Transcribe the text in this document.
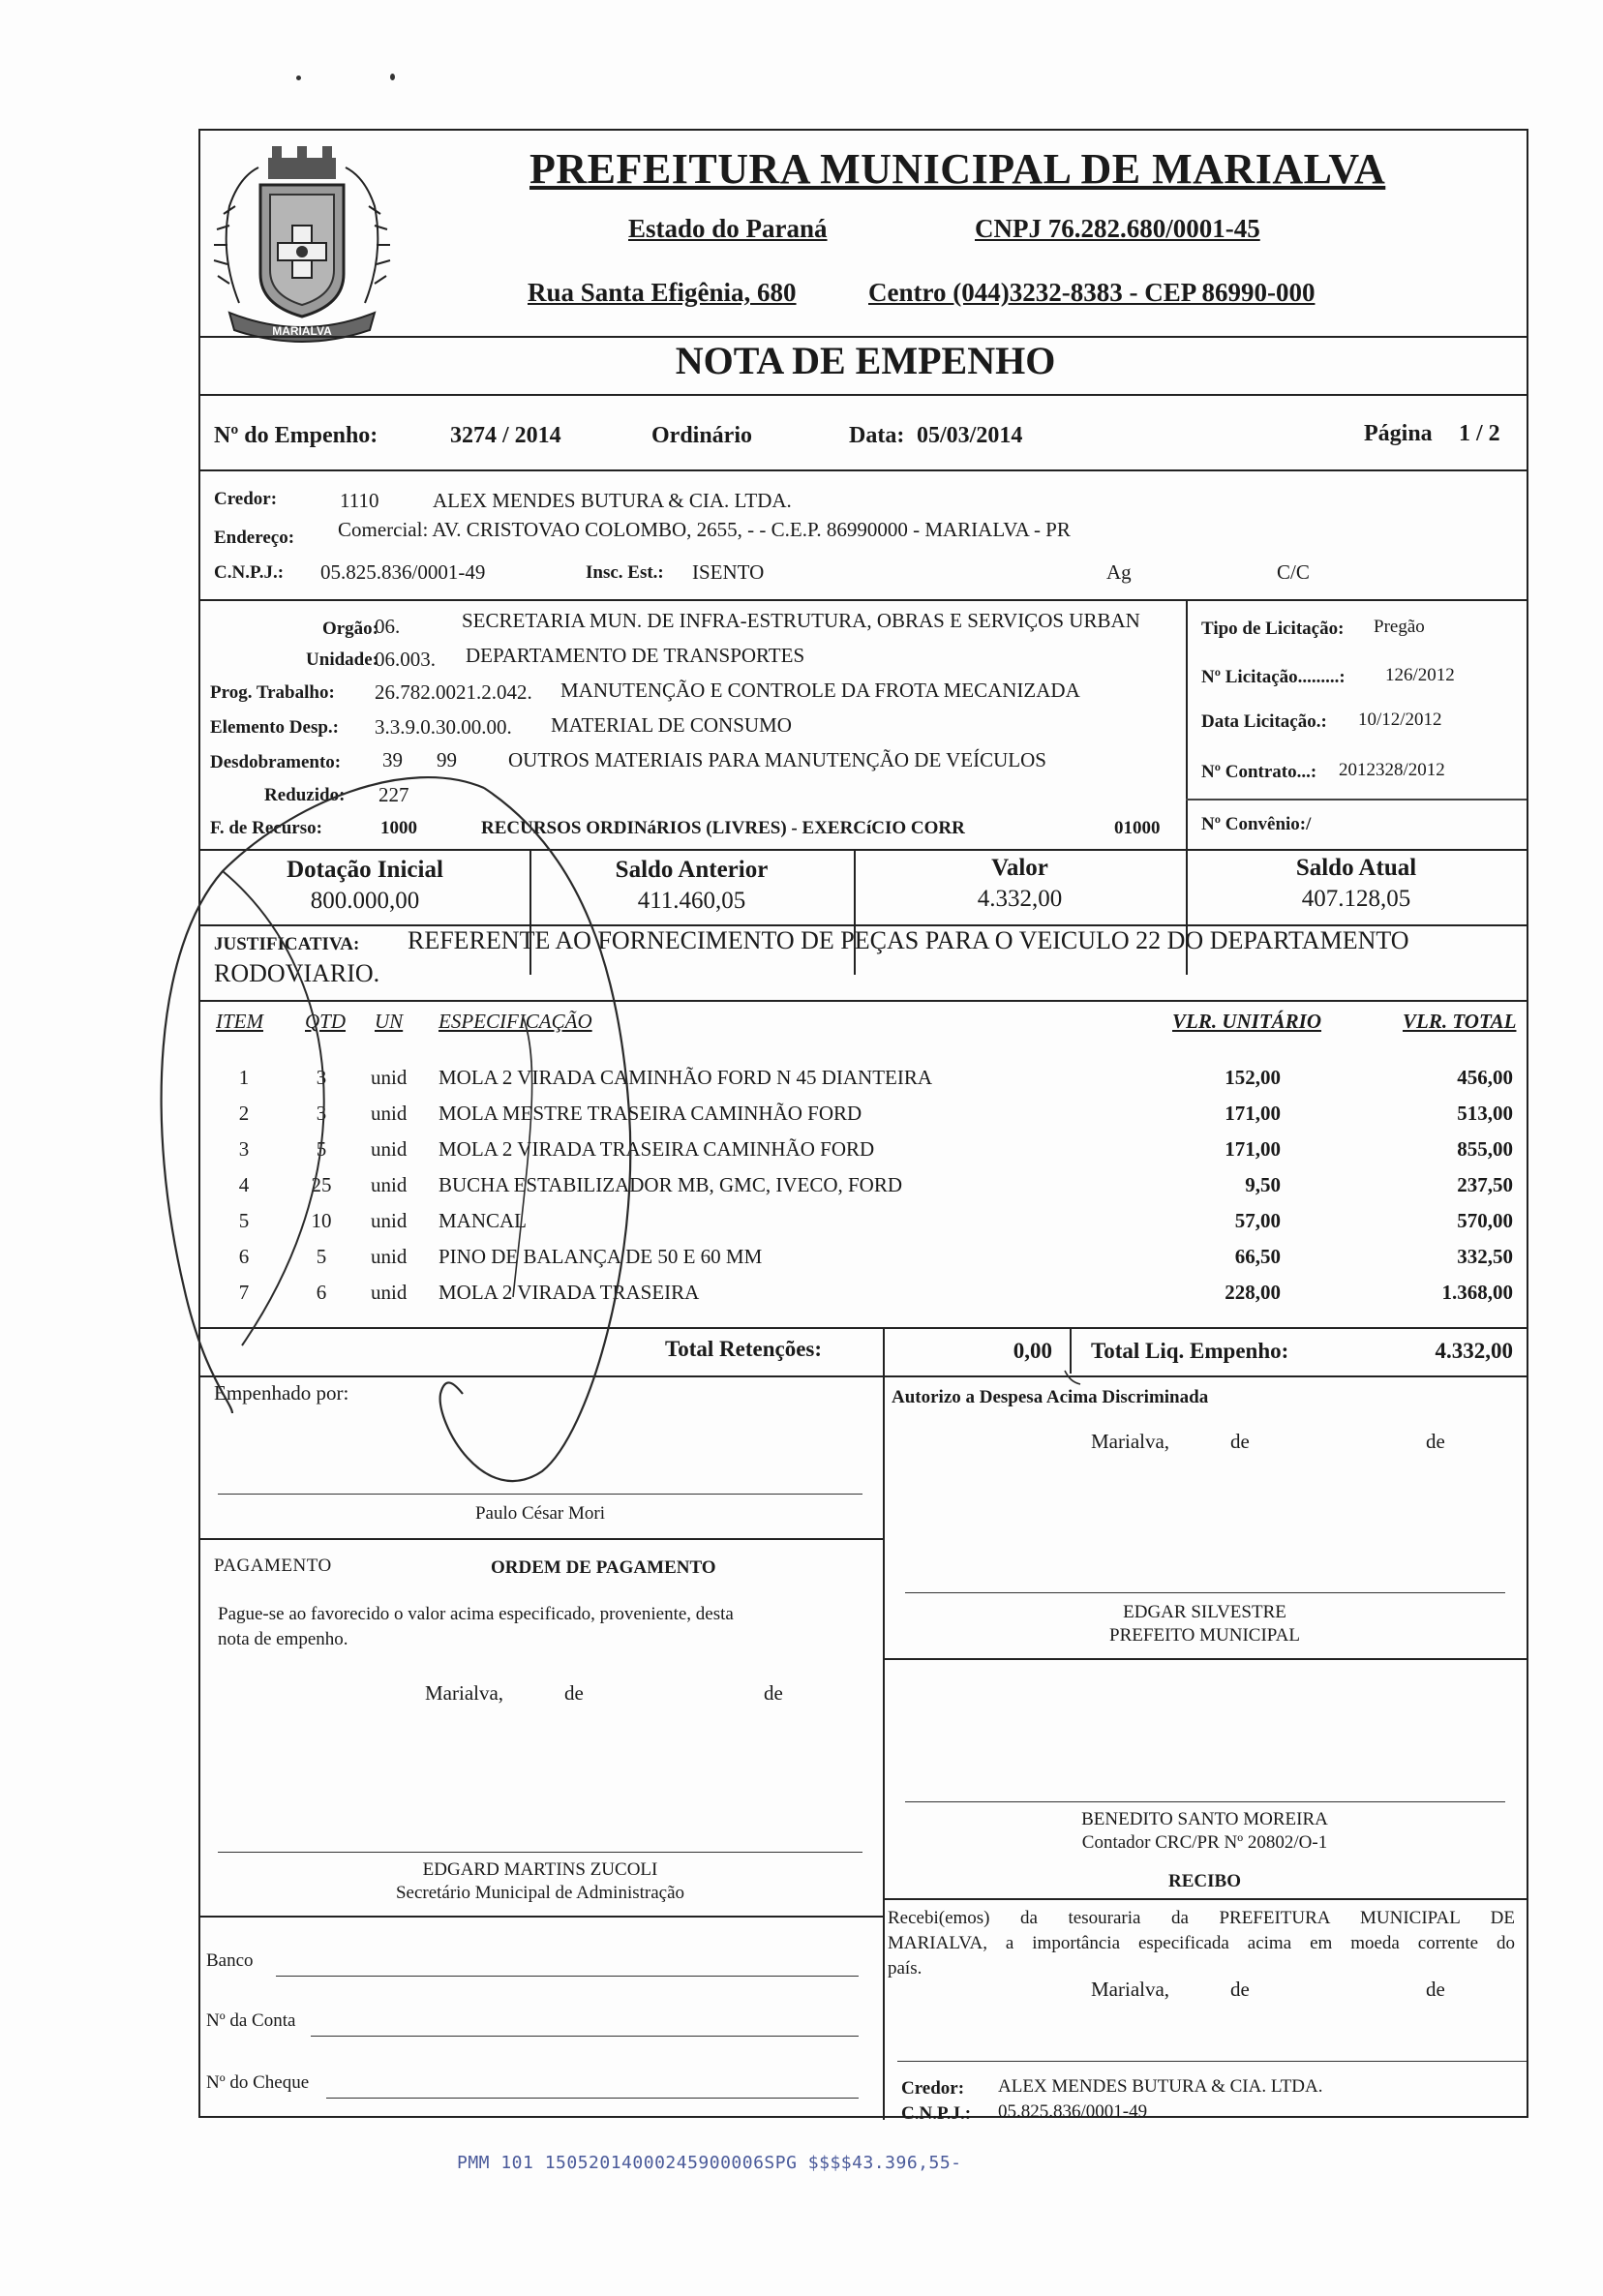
MARIALVA
PREFEITURA MUNICIPAL DE MARIALVA
Estado do Paraná	CNPJ 76.282.680/0001-45
Rua Santa Efigênia, 680	Centro (044)3232-8383 - CEP 86990-000
NOTA DE EMPENHO
Nº do Empenho:	3274 / 2014	Ordinário	Data: 05/03/2014	Página 1 / 2
Credor:	1110	ALEX MENDES BUTURA & CIA. LTDA.
Endereço: Comercial: AV. CRISTOVAO COLOMBO, 2655, - - C.E.P. 86990000 - MARIALVA - PR
C.N.P.J.: 05.825.836/0001-49	Insc. Est.: ISENTO	Ag	C/C
Orgão:
06.	SECRETARIA MUN. DE INFRA-ESTRUTURA, OBRAS E SERVIÇOS URBAN
Unidade:
06.003. DEPARTAMENTO DE TRANSPORTES
Prog. Trabalho: 26.782.0021.2.042. MANUTENÇÃO E CONTROLE DA FROTA MECANIZADA
Elemento Desp.: 3.3.9.0.30.00.00. MATERIAL DE CONSUMO
Desdobramento: 39 99	OUTROS MATERIAIS PARA MANUTENÇÃO DE VEÍCULOS
Reduzido: 227
F. de Recurso:	1000	RECURSOS ORDINáRIOS (LIVRES) - EXERCíCIO CORR	01000
Tipo de Licitação: Pregão
Nº Licitação.........: 126/2012
Data Licitação.: 10/12/2012
Nº Contrato...: 2012328/2012
Nº Convênio:/
Dotação Inicial
800.000,00
Saldo Anterior
411.460,05
Valor
4.332,00
Saldo Atual
407.128,05
JUSTIFICATIVA: REFERENTE AO FORNECIMENTO DE PEÇAS PARA O VEICULO 22 DO DEPARTAMENTO
RODOVIARIO.
ITEM QTD UN ESPECIFICAÇÃO	VLR. UNITÁRIO	VLR. TOTAL
1	3	unid MOLA 2 VIRADA CAMINHÃO FORD N 45 DIANTEIRA	152,00	456,00
2	3	unid MOLA MESTRE TRASEIRA CAMINHÃO FORD	171,00	513,00
3	5	unid MOLA 2 VIRADA TRASEIRA CAMINHÃO FORD	171,00	855,00
4	25	unid BUCHA ESTABILIZADOR MB, GMC, IVECO, FORD	9,50	237,50
5	10	unid MANCAL	57,00	570,00
6	5	unid PINO DE BALANÇA DE 50 E 60 MM	66,50	332,50
7	6	unid MOLA 2 VIRADA TRASEIRA	228,00	1.368,00
Total Retenções:	0,00 Total Liq. Empenho:	4.332,00
Empenhado por:	Autorizo a Despesa Acima Discriminada
Marialva,	de	de
Paulo César Mori
PAGAMENTO	ORDEM DE PAGAMENTO
Pague-se ao favorecido o valor acima especificado, proveniente, desta
nota de empenho.
Marialva,	de	de
EDGAR SILVESTRE
PREFEITO MUNICIPAL
BENEDITO SANTO MOREIRA
Contador CRC/PR Nº 20802/O-1
RECIBO
Recebi(emos) da tesouraria da PREFEITURA MUNICIPAL DE
MARIALVA, a importância especificada acima em moeda corrente do
país.
Marialva,	de	de
EDGARD MARTINS ZUCOLI
Secretário Municipal de Administração
Banco
Nº da Conta
Nº do Cheque	Credor: ALEX MENDES BUTURA & CIA. LTDA.
C.N.P.J.: 05.825.836/0001-49
PMM 101 15052014000245900006SPG $$$$43.396,55-
